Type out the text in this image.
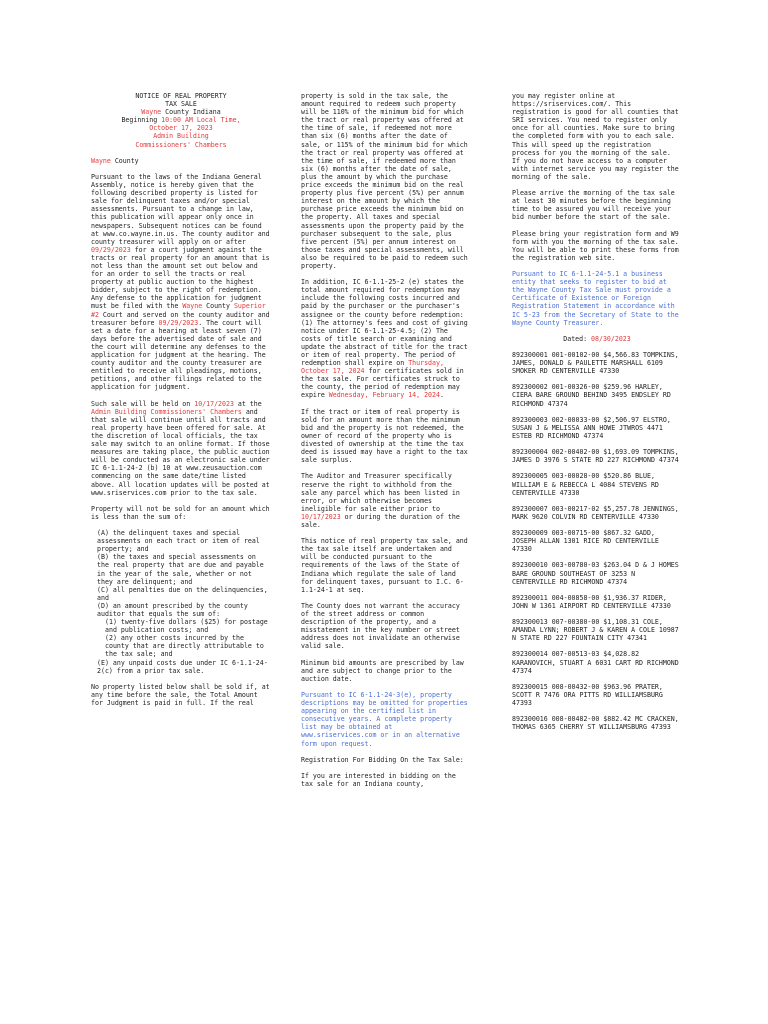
NOTICE OF REAL PROPERTY
TAX SALE
Wayne County Indiana
Beginning 10:00 AM Local Time,
October 17, 2023
Admin Building
Commissioners' Chambers

Wayne County

Pursuant to the laws of the Indiana General Assembly, notice is hereby given that the following described property is listed for sale for delinquent taxes and/or special assessments. Pursuant to a change in law, this publication will appear only once in newspapers. Subsequent notices can be found at www.co.wayne.in.us. The county auditor and county treasurer will apply on or after 09/29/2023 for a court judgment against the tracts or real property for an amount that is not less than the amount set out below and for an order to sell the tracts or real property at public auction to the highest bidder, subject to the right of redemption. Any defense to the application for judgment must be filed with the Wayne County Superior #2 Court and served on the county auditor and treasurer before 09/29/2023. The court will set a date for a hearing at least seven (7) days before the advertised date of sale and the court will determine any defenses to the application for judgment at the hearing. The county auditor and the county treasurer are entitled to receive all pleadings, motions, petitions, and other filings related to the application for judgment.

Such sale will be held on 10/17/2023 at the Admin Building Commissioners' Chambers and that sale will continue until all tracts and real property have been offered for sale. At the discretion of local officials, the tax sale may switch to an online format. If those measures are taking place, the public auction will be conducted as an electronic sale under IC 6-1.1-24-2 (b) 10 at www.zeusauction.com commencing on the same date/time listed above. All location updates will be posted at www.sriservices.com prior to the tax sale.

Property will not be sold for an amount which is less than the sum of:

(A) the delinquent taxes and special assessments on each tract or item of real property; and

(B) the taxes and special assessments on the real property that are due and payable in the year of the sale, whether or not they are delinquent; and

(C) all penalties due on the delinquencies, and

(D) an amount prescribed by the county auditor that equals the sum of:

(1) twenty-five dollars ($25) for postage and publication costs; and

(2) any other costs incurred by the county that are directly attributable to the tax sale; and

(E) any unpaid costs due under IC 6-1.1-24-2(c) from a prior tax sale.

No property listed below shall be sold if, at any time before the sale, the Total Amount for Judgment is paid in full. If the real

property is sold in the tax sale, the amount required to redeem such property will be 110% of the minimum bid for which the tract or real property was offered at the time of sale, if redeemed not more than six (6) months after the date of sale, or 115% of the minimum bid for which the tract or real property was offered at the time of sale, if redeemed more than six (6) months after the date of sale, plus the amount by which the purchase price exceeds the minimum bid on the real property plus five percent (5%) per annum interest on the amount by which the purchase price exceeds the minimum bid on the property. All taxes and special assessments upon the property paid by the purchaser subsequent to the sale, plus five percent (5%) per annum interest on those taxes and special assessments, will also be required to be paid to redeem such property.

In addition, IC 6-1.1-25-2 (e) states the total amount required for redemption may include the following costs incurred and paid by the purchaser or the purchaser's assignee or the county before redemption: (1) The attorney's fees and cost of giving notice under IC 6-1.1-25-4.5; (2) The costs of title search or examining and update the abstract of title for the tract or item of real property. The period of redemption shall expire on Thursday, October 17, 2024 for certificates sold in the tax sale. For certificates struck to the county, the period of redemption may expire Wednesday, February 14, 2024.

If the tract or item of real property is sold for an amount more than the minimum bid and the property is not redeemed, the owner of record of the property who is divested of ownership at the time the tax deed is issued may have a right to the tax sale surplus.

The Auditor and Treasurer specifically reserve the right to withhold from the sale any parcel which has been listed in error, or which otherwise becomes ineligible for sale either prior to 10/17/2023 or during the duration of the sale.

This notice of real property tax sale, and the tax sale itself are undertaken and will be conducted pursuant to the requirements of the laws of the State of Indiana which regulate the sale of land for delinquent taxes, pursuant to I.C. 6-1.1-24-1 at seq.

The County does not warrant the accuracy of the street address or common description of the property, and a misstatement in the key number or street address does not invalidate an otherwise valid sale.

Minimum bid amounts are prescribed by law and are subject to change prior to the auction date.

Pursuant to IC 6-1.1-24-3(e), property descriptions may be omitted for properties appearing on the certified list in consecutive years. A complete property list may be obtained at www.sriservices.com or in an alternative form upon request.

Registration For Bidding On the Tax Sale:

If you are interested in bidding on the tax sale for an Indiana county,

you may register online at https://sriservices.com/. This registration is good for all counties that SRI services. You need to register only once for all counties. Make sure to bring the completed form with you to each sale. This will speed up the registration process for you the morning of the sale. If you do not have access to a computer with internet service you may register the morning of the sale.

Please arrive the morning of the tax sale at least 30 minutes before the beginning time to be assured you will receive your bid number before the start of the sale.

Please bring your registration form and W9 form with you the morning of the tax sale. You will be able to print these forms from the registration web site.

Pursuant to IC 6-1.1-24-5.1 a business entity that seeks to register to bid at the Wayne County Tax Sale must provide a Certificate of Existence or Foreign Registration Statement in accordance with IC 5-23 from the Secretary of State to the Wayne County Treasurer.

Dated: 08/30/2023

892300001 001-00102-00 $4,566.83 TOMPKINS, JAMES, DONALD & PAULETTE MARSHALL 6109 SMOKER RD CENTERVILLE 47330

892300002 001-00326-00 $259.96 HARLEY, CIERA BARE GROUND BEHIND 3495 ENDSLEY RD RICHMOND 47374

892300003 002-00033-00 $2,506.97 ELSTRO, SUSAN J & MELISSA ANN HOWE JTWROS 4471 ESTEB RD RICHMOND 47374

892300004 002-00402-00 $1,693.09 TOMPKINS, JAMES D 3976 S STATE RD 227 RICHMOND 47374

892300005 003-00028-00 $520.86 BLUE, WILLIAM E & REBECCA L 4084 STEVENS RD CENTERVILLE 47330

892300007 003-00217-02 $5,257.78 JENNINGS, MARK 9620 COLVIN RD CENTERVILLE 47330

892300009 003-00715-00 $867.32 GADD, JOSEPH ALLAN 1301 RICE RD CENTERVILLE 47330

892300010 003-00780-03 $263.04 D & J HOMES BARE GROUND SOUTHEAST OF 3253 N CENTERVILLE RD RICHMOND 47374

892300011 004-00858-00 $1,936.37 RIDER, JOHN W 1361 AIRPORT RD CENTERVILLE 47330

892300013 007-00380-00 $1,108.31 COLE, AMANDA LYNN; ROBERT J & KAREN A COLE 10987 N STATE RD 227 FOUNTAIN CITY 47341

892300014 007-00513-03 $4,028.82 KARANOVICH, STUART A 6031 CART RD RICHMOND 47374

892300015 008-00432-00 $963.96 PRATER, SCOTT R 7476 ORA PITTS RD WILLIAMSBURG 47393

892300016 008-00482-00 $882.42 MC CRACKEN, THOMAS 6365 CHERRY ST WILLIAMSBURG 47393
